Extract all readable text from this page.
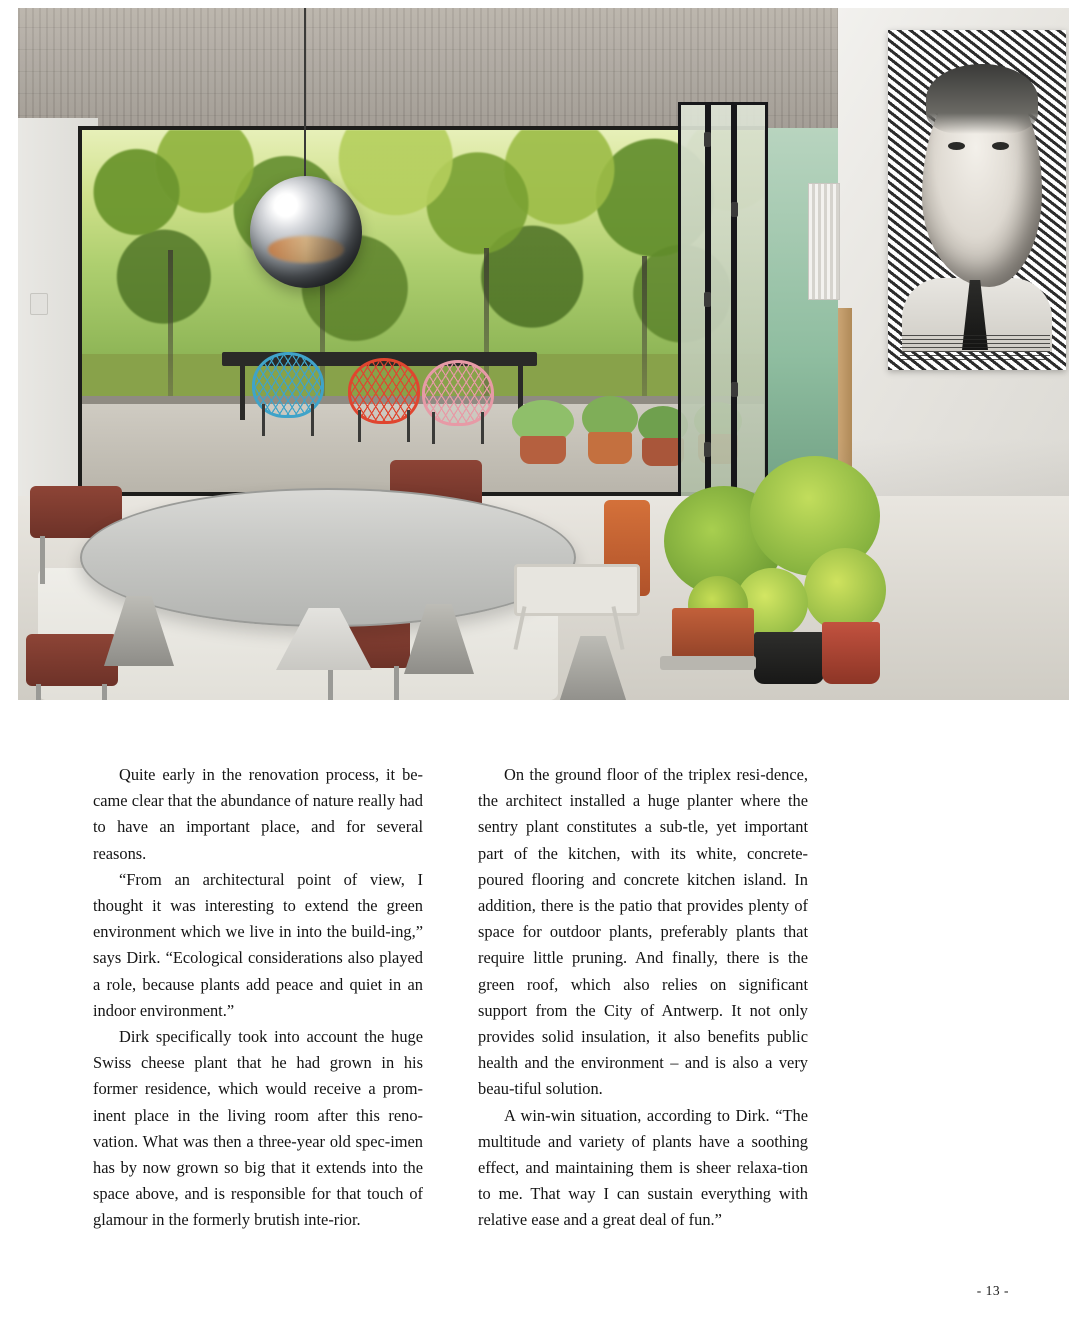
Quite early in the renovation process, it be-came clear that the abundance of nature really had to have an important place, and for several reasons.

“From an architectural point of view, I thought it was interesting to extend the green environment which we live in into the build-ing,” says Dirk. “Ecological considerations also played a role, because plants add peace and quiet in an indoor environment.”

Dirk specifically took into account the huge Swiss cheese plant that he had grown in his former residence, which would receive a prom-inent place in the living room after this reno-vation. What was then a three-year old spec-imen has by now grown so big that it extends into the space above, and is responsible for that touch of glamour in the formerly brutish inte-rior.

On the ground floor of the triplex resi-dence, the architect installed a huge planter where the sentry plant constitutes a sub-tle, yet important part of the kitchen, with its white, concrete-poured flooring and concrete kitchen island. In addition, there is the patio that provides plenty of space for outdoor plants, preferably plants that require little pruning. And finally, there is the green roof, which also relies on significant support from the City of Antwerp. It not only provides solid insulation, it also benefits public health and the environment – and is also a very beau-tiful solution.

A win-win situation, according to Dirk. “The multitude and variety of plants have a soothing effect, and maintaining them is sheer relaxa-tion to me. That way I can sustain everything with relative ease and a great deal of fun.”

- 13 -
